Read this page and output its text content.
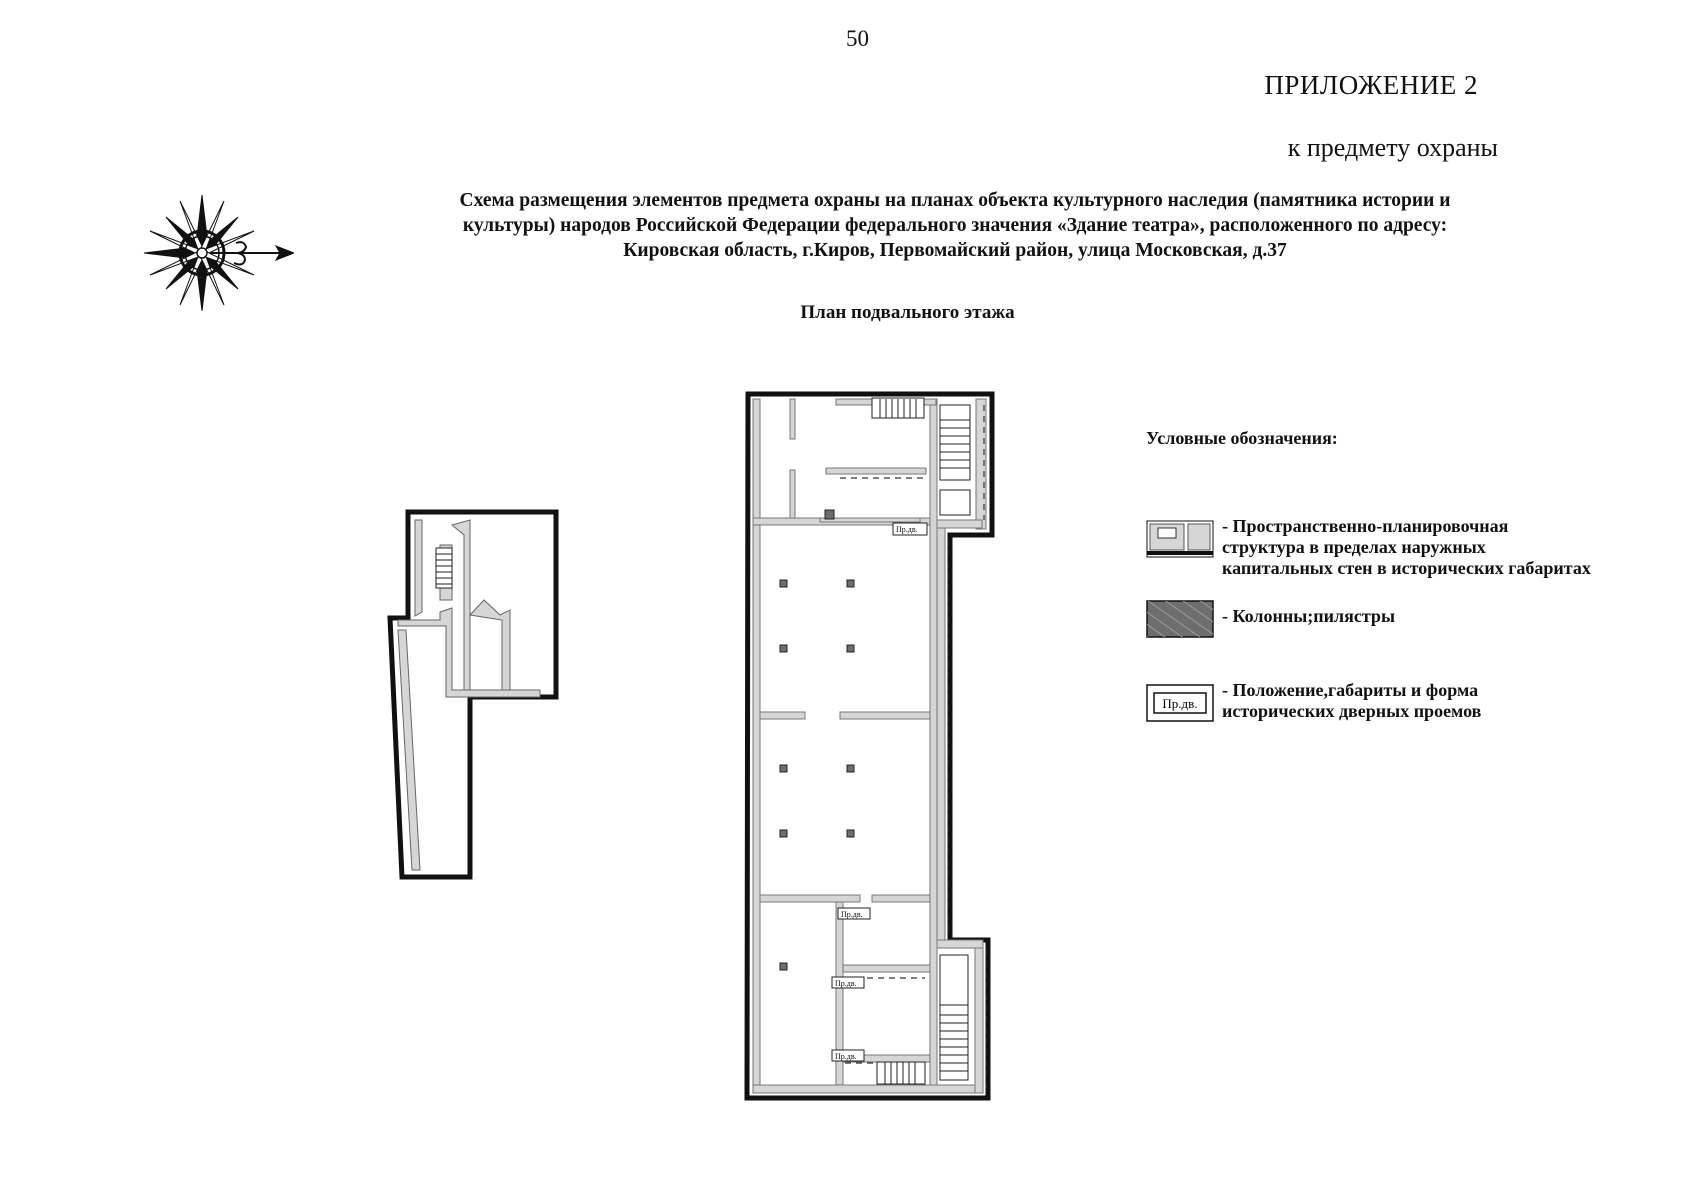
50
ПРИЛОЖЕНИЕ 2
к предмету охраны
Схема размещения элементов предмета охраны на планах объекта культурного наследия (памятника истории и
культуры) народов Российской Федерации федерального значения «Здание театра», расположенного по адресу:
Кировская область, г.Киров, Первомайский район, улица Московская, д.37
План подвального этажа
Пр.дв.
Пр.дв.
Пр.дв.
Пр.дв.
Условные обозначения:
- Пространственно-планировочная
структура в пределах наружных
капитальных стен в исторических габаритах
- Колонны;пилястры
Пр.дв.
- Положение,габариты и форма
исторических дверных проемов
